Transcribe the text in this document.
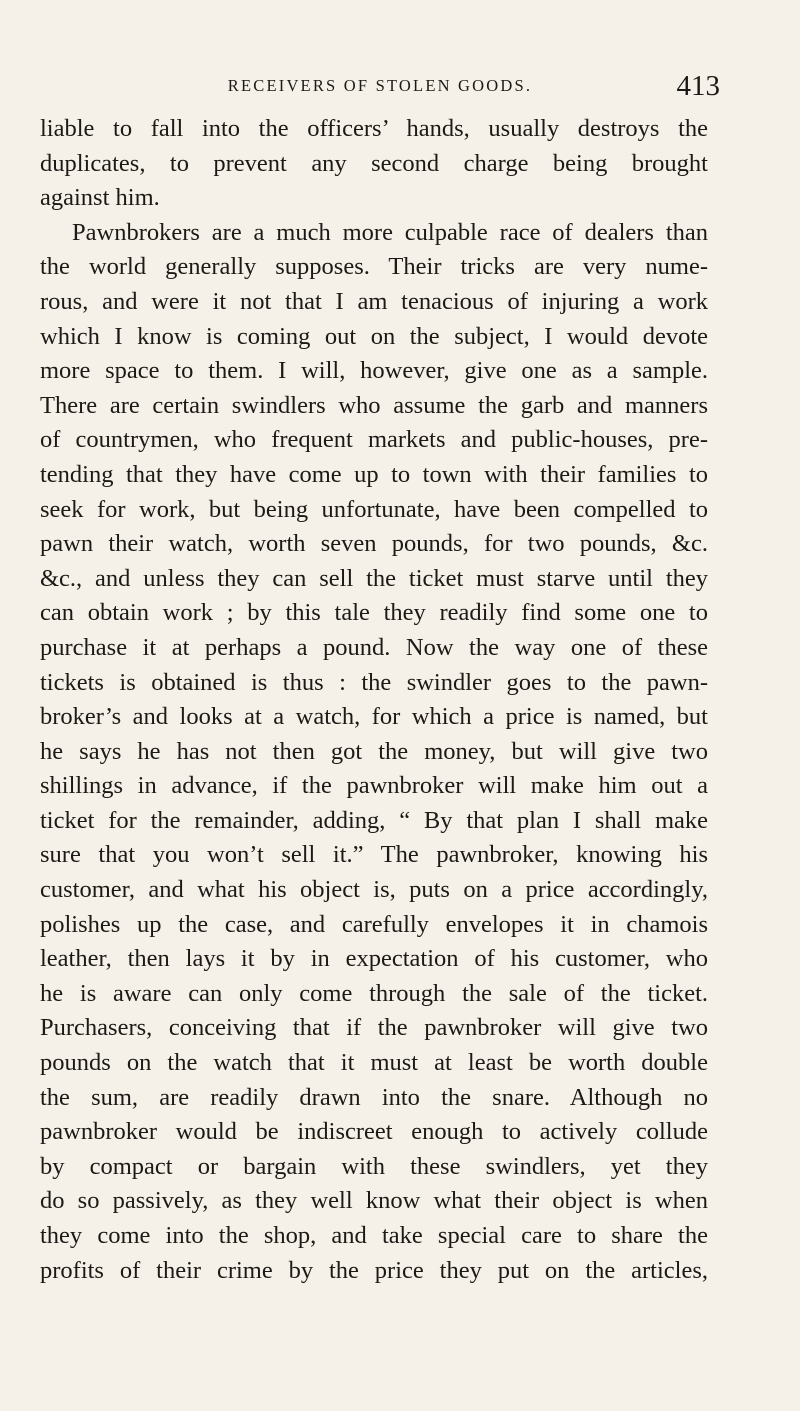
RECEIVERS OF STOLEN GOODS.	413
liable to fall into the officers’ hands, usually destroys the
duplicates, to prevent any second charge being brought
against him.
Pawnbrokers are a much more culpable race of dealers than
the world generally supposes. Their tricks are very nume-
rous, and were it not that I am tenacious of injuring a work
which I know is coming out on the subject, I would devote
more space to them. I will, however, give one as a sample.
There are certain swindlers who assume the garb and manners
of countrymen, who frequent markets and public-houses, pre-
tending that they have come up to town with their families to
seek for work, but being unfortunate, have been compelled to
pawn their watch, worth seven pounds, for two pounds, &c.
&c., and unless they can sell the ticket must starve until they
can obtain work ; by this tale they readily find some one to
purchase it at perhaps a pound. Now the way one of these
tickets is obtained is thus : the swindler goes to the pawn-
broker’s and looks at a watch, for which a price is named, but
he says he has not then got the money, but will give two
shillings in advance, if the pawnbroker will make him out a
ticket for the remainder, adding, “ By that plan I shall make
sure that you won’t sell it.” The pawnbroker, knowing his
customer, and what his object is, puts on a price accordingly,
polishes up the case, and carefully envelopes it in chamois
leather, then lays it by in expectation of his customer, who
he is aware can only come through the sale of the ticket.
Purchasers, conceiving that if the pawnbroker will give two
pounds on the watch that it must at least be worth double
the sum, are readily drawn into the snare. Although no
pawnbroker would be indiscreet enough to actively collude
by compact or bargain with these swindlers, yet they
do so passively, as they well know what their object is when
they come into the shop, and take special care to share the
profits of their crime by the price they put on the articles,
